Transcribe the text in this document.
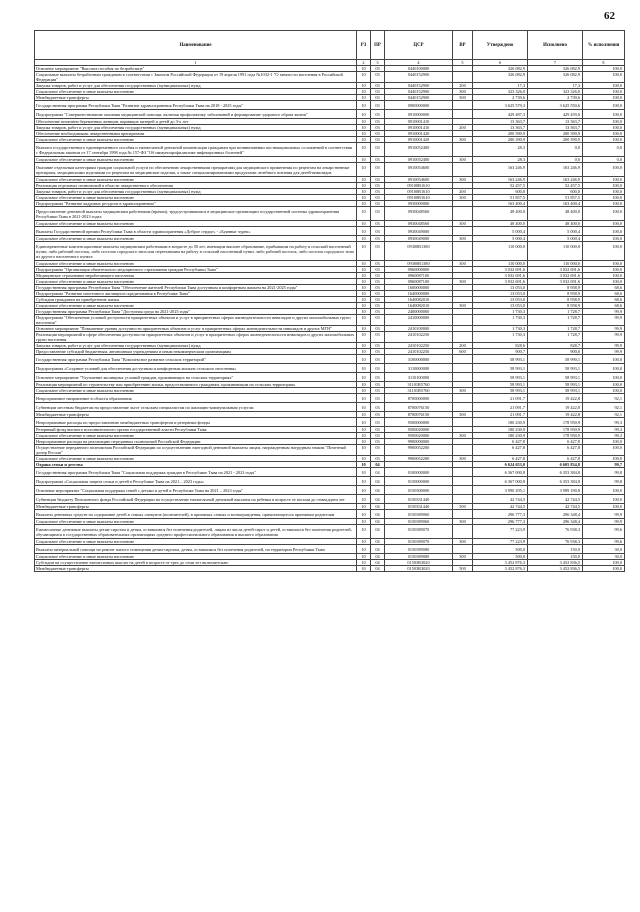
62
Наименование	РЗ	ПР	ЦСР	ВР	Утверждено	Исполнено	% исполнения
1	2	3	4	5	6	7	8
Основное мероприятие "Выплата пособия по безработице"	10	03	0440100000		326 082,9	326 082,9	100,0
Социальные выплаты безработным гражданам в соответствии с Законом Российской Федерации от 19 апреля 1991 года №1032-1 "О занятости населения в Российской Федерации"	10	03	0440152900		326 082,9	326 082,9	100,0
Закупка товаров, работ и услуг для обеспечения государственных (муниципальных) нужд	10	03	0440152900	200	17,3	17,3	100,0
Социальное обеспечение и иные выплаты населению	10	03	0440152900	300	323 326,0	323 326,0	100,0
Межбюджетные трансферты	10	03	0440152900	500	2 739,6	2 739,6	100,0
Государственная программа Республики Тыва "Развитие здравоохранения Республики Тыва на 2018 - 2025 годы"	10	03	0900000000		3 625 579,3	3 625 550,6	100,0
Подпрограмма "Совершенствование оказания медицинской помощи, включая профилактику заболеваний и формирование здорового образа жизни"	10	03	0910000000		429 487,3	429 459,0	100,0
Обеспечение питанием беременных женщин, кормящих матерей и детей до 3-х лет	10	03	0910001410		13 363,7	13 363,7	100,0
Закупка товаров, работ и услуг для обеспечения государственных (муниципальных) нужд	10	03	0910001410	200	13 363,7	13 363,7	100,0
Обеспечение необходимыми лекарственными препаратами	10	03	0910001420		200 390,9	200 390,9	100,0
Социальное обеспечение и иные выплаты населению	10	03	0910001420	300	200 390,9	200 390,9	100,0
Выплата государственного единовременного пособия и ежемесячной денежной компенсации гражданам при возникновении поствакцинальных осложнений в соответствии с Федеральным законом от 17 сентября 1998 года № 157-ФЗ "Об иммунопрофилактике инфекционных болезней"	10	03	0910052400		28,3	0,0	0,0
Социальное обеспечение и иные выплаты населению	10	03	0910052400	300	28,3	0,0	0,0
Оказание отдельным категориям граждан социальной услуги по обеспечению лекарственными препаратами для медицинского применения по рецептам на лекарственные препараты, медицинскими изделиями по рецептам на медицинские изделия, а также специализированными продуктами лечебного питания для детей-инвалидов	10	03	0910054600		163 246,9	163 246,9	100,0
Социальное обеспечение и иные выплаты населению	10	03	0910054600	300	163 246,9	163 246,9	100,0
Реализация отдельных полномочий в области лекарственного обеспечения	10	03	09100R1610		52 457,5	52 457,5	100,0
Закупка товаров, работ и услуг для обеспечения государственных (муниципальных) нужд	10	03	09100R1610	200	600,0	600,0	100,0
Социальное обеспечение и иные выплаты населению	10	03	09100R1610	300	51 857,5	51 857,5	100,0
Подпрограмма "Развитие кадровых ресурсов в здравоохранении"	10	03	0930000000		163 400,4	163 400,4	100,0
Предоставление денежной выплаты медицинским работникам (врачам), трудоустроившимся в медицинские организации государственной системы здравоохранения Республики Тыва в 2021-2023 годах	10	03	0930048560		48 400,0	48 400,0	100,0
Социальное обеспечение и иные выплаты населению	10	03	0930048560	300	48 400,0	48 400,0	100,0
Выплаты Государственной премии Республики Тыва в области здравоохранения «Доброе сердце» - «Буянныг чурек»	10	03	0930049000		5 000,4	5 000,4	100,0
Социальное обеспечение и иные выплаты населению	10	03	0930049000	300	5 000,4	5 000,4	100,0
Единовременные компенсационные выплаты медицинским работникам в возрасте до 50 лет, имеющим высшее образование, прибывшим на работу в сельский населенный пункт, либо рабочий поселок, либо поселок городского типа или переехавшим на работу в сельский населенный пункт, либо рабочий поселок, либо поселок городского типа из другого населенного пункта	10	03	09300R1380		110 000,0	110 000,0	100,0
Социальное обеспечение и иные выплаты населению	10	03	09300R1380	300	110 000,0	110 000,0	100,0
Подпрограмма "Организация обязательного медицинского страхования граждан Республики Тыва"	10	03	0960000000		3 032 691,6	3 032 691,6	100,0
Медицинское страхование неработающего населения	10	03	0960087100		3 032 691,6	3 032 691,6	100,0
Социальное обеспечение и иные выплаты населению	10	03	0960087100	300	3 032 691,6	3 032 691,6	100,0
Государственная программа Республики Тыва "Обеспечение жителей Республики Тыва доступным и комфортным жильем на 2021-2025 годы"	10	03	1600000000		13 053,0	8 958,9	68,6
Подпрограмма "Развитие ипотечного жилищного кредитования в Республике Тыва"	10	03	1640000000		13 053,0	8 958,9	68,6
Субсидии гражданам на приобретение жилья	10	03	1640082010		13 053,0	8 958,9	68,6
Социальное обеспечение и иные выплаты населению	10	03	1640082010	300	13 053,0	8 958,9	68,6
Государственная программа Республики Тыва "Доступная среда на 2021-2025 годы"	10	03	2400000000		1 730,3	1 728,7	99,9
Подпрограмма "Обеспечение условий доступности приоритетных объектов и услуг в приоритетных сферах жизнедеятельности инвалидов и других маломобильных групп населения"	10	03	2410000000		1 730,3	1 728,7	99,9
Основное мероприятие "Повышение уровня доступности приоритетных объектов и услуг в приоритетных сферах жизнедеятельности инвалидов и других МГН"	10	03	2410100000		1 730,3	1 728,7	99,9
Реализация мероприятий в сфере обеспечения доступности приоритетных объектов и услуг в приоритетных сферах жизнедеятельности инвалидов и других маломобильных групп населения	10	03	2410102250		1 730,3	1 728,7	99,9
Закупка товаров, работ и услуг для обеспечения государственных (муниципальных) нужд	10	03	2410102250	200	828,6	828,7	99,9
Предоставление субсидий бюджетным, автономным учреждениям и иным некоммерческим организациям	10	03	2410102250	600	900,7	900,0	99,9
Государственная программа Республики Тыва "Комплексное развитие сельских территорий"	10	03	3100000000		58 993,1	58 990,1	100,0
Подпрограмма «Создание условий для обеспечения доступным и комфортным жильем сельского населения»	10	03	3110000000		58 993,1	58 993,1	100,0
Основное мероприятие "Улучшение жилищных условий граждан, проживающих на сельских территориях"	10	03	3110100000		58 993,1	58 993,1	100,0
Реализация мероприятий по строительству или приобретению жилья, предоставляемого гражданам, проживающим на сельских территориях	10	03	31101R5760		58 993,1	58 993,1	100,0
Социальное обеспечение и иные выплаты населению	10	03	31101R5760	300	58 993,1	58 993,1	100,0
Непрограммное направление в области образования	10	03	8700000000		21 091,7	19 422,8	92,1
Субвенции местным бюджетам на предоставление льгот сельским специалистам по жилищно-коммунальным услугам	10	03	8700076150		21 091,7	19 422,8	92,1
Межбюджетные трансферты	10	03	8700076150	500	21 091,7	19 422,8	92,1
Непрограммные расходы по предоставлению межбюджетных трансфертов и резервные фонды	10	03	9500000000		180 230,9	178 950,9	99,3
Резервный фонд высшего исполнительного органа государственной власти Республики Тыва	10	03	9500020000		180 230,9	178 950,9	99,3
Социальное обеспечение и иные выплаты населению	10	03	9500020000	300	180 230,9	178 950,9	99,3
Непрограммные расходы на реализацию переданных полномочий Российской Федерации	10	03	9900000000		6 427,8	6 427,8	100,0
Осуществление переданного полномочия Российской Федерации по осуществлению ежегодной денежной выплаты лицам, награжденным нагрудным знаком "Почетный донор России"	10	03	9900052200		6 427,8	6 427,8	100,0
Социальное обеспечение и иные выплаты населению	10	03	9900052200	300	6 427,8	6 427,8	100,0
Охрана семьи и детства	10	04			6 624 653,0	6 605 834,8	99,7
Государственная программа Республики Тыва "Социальная поддержка граждан в Республике Тыва на 2021 - 2023 годы"	10	04	0100000000		6 367 000,8	6 353 384,8	99,8
Подпрограмма «Социальная защита семьи и детей в Республике Тыва на 2021 – 2023 годы»	10	04	0150000000		6 367 000,8	6 353 384,8	99,8
Основные мероприятие "Социальная поддержка семей с детьми и детей в Республике Тыва на 2021 – 2023 годы"	10	04	0150300000		3 990 295,1	3 989 190,8	100,0
Субвенции бюджету Пенсионного фонда Российской Федерации на осуществление ежемесячной денежной выплаты на ребенка в возрасте от восьми до семнадцати лет	10	04	0150331440		42 744,5	42 744,5	100,0
Межбюджетные трансферты	10	04	0150331440	500	42 744,5	42 744,5	100,0
Выплаты денежных средств на содержание детей в семьях опекунов (попечителей), в приемных семьях и вознаграждения, причитающегося приемным родителям	10	04	0150389060		296 777,3	296 348,4	99,9
Социальное обеспечение и иные выплаты населению	10	04	0150389060	300	296 777,3	296 348,4	99,9
Ежемесячные денежные выплаты детям-сиротам и детям, оставшимся без попечения родителей, лицам из числа детей-сирот и детей, оставшихся без попечения родителей, обучающимся в государственных образовательных организациях среднего профессионального образования и высшего образования	10	04	0150389070		77 223,9	76 938,3	99,6
Социальное обеспечение и иные выплаты населению	10	04	0150389070	300	77 223,9	76 938,3	99,6
Выплаты материальной помощи на ремонт жилого помещения детям-сиротам, детям, оставшимся без попечения родителей, на территории Республики Тыва	10	04	0150389080		500,0	150,0	30,0
Социальное обеспечение и иные выплаты населению	10	04	0150389080	300	500,0	150,0	30,0
Субсидии на осуществление ежемесячных выплат на детей в возрасте от трех до семи лет включительно	10	04	01503R3020		3 452 876,3	3 452 836,5	100,0
Межбюджетные трансферты	10	04	01503R3020	500	3 452 876,3	3 452 836,5	100,0
